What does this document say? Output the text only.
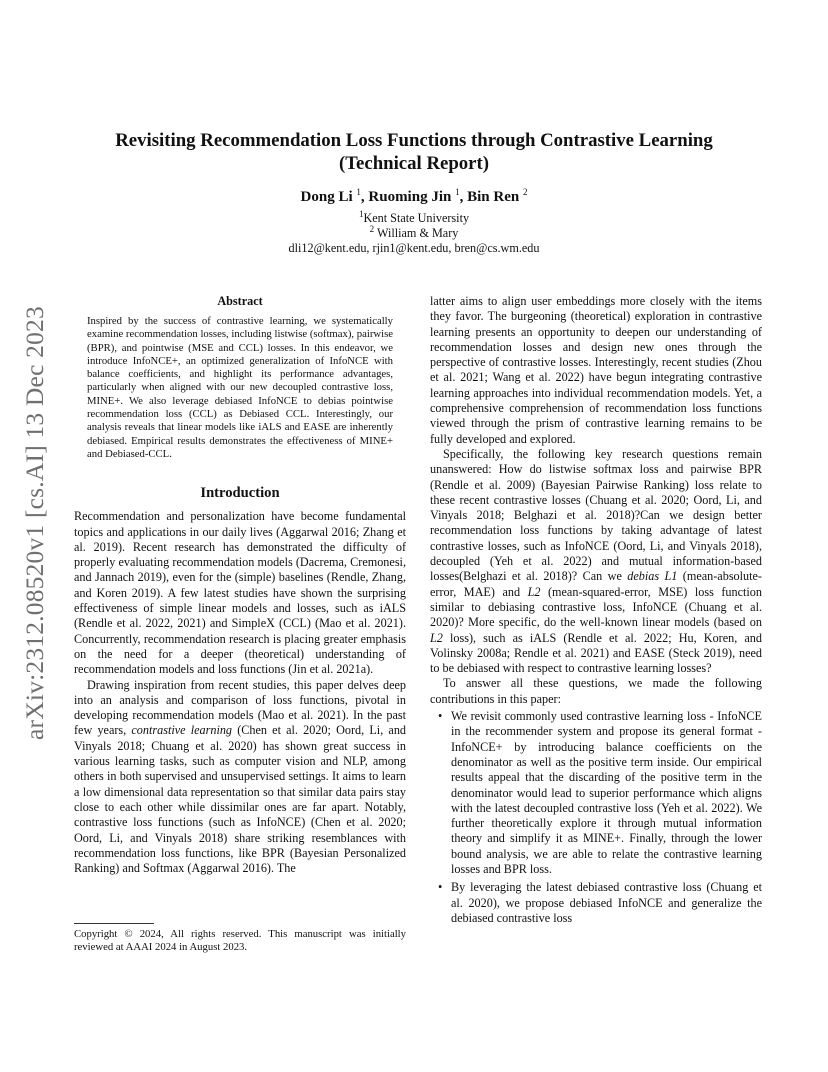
arXiv:2312.08520v1 [cs.AI] 13 Dec 2023
Revisiting Recommendation Loss Functions through Contrastive Learning
(Technical Report)
Dong Li $^1$, Ruoming Jin $^1$, Bin Ren $^2$
$^1$Kent State University
$^2$ William & Mary
dli12@kent.edu, rjin1@kent.edu, bren@cs.wm.edu
Abstract

Inspired by the success of contrastive learning, we systematically examine recommendation losses, including listwise (softmax), pairwise (BPR), and pointwise (MSE and CCL) losses. In this endeavor, we introduce InfoNCE+, an optimized generalization of InfoNCE with balance coefficients, and highlight its performance advantages, particularly when aligned with our new decoupled contrastive loss, MINE+. We also leverage debiased InfoNCE to debias pointwise recommendation loss (CCL) as Debiased CCL. Interestingly, our analysis reveals that linear models like iALS and EASE are inherently debiased. Empirical results demonstrates the effectiveness of MINE+ and Debiased-CCL.

Introduction

Recommendation and personalization have become fundamental topics and applications in our daily lives (Aggarwal 2016; Zhang et al. 2019). Recent research has demonstrated the difficulty of properly evaluating recommendation models (Dacrema, Cremonesi, and Jannach 2019), even for the (simple) baselines (Rendle, Zhang, and Koren 2019). A few latest studies have shown the surprising effectiveness of simple linear models and losses, such as iALS (Rendle et al. 2022, 2021) and SimpleX (CCL) (Mao et al. 2021). Concurrently, recommendation research is placing greater emphasis on the need for a deeper (theoretical) understanding of recommendation models and loss functions (Jin et al. 2021a).

Drawing inspiration from recent studies, this paper delves deep into an analysis and comparison of loss functions, pivotal in developing recommendation models (Mao et al. 2021). In the past few years, contrastive learning (Chen et al. 2020; Oord, Li, and Vinyals 2018; Chuang et al. 2020) has shown great success in various learning tasks, such as computer vision and NLP, among others in both supervised and unsupervised settings. It aims to learn a low dimensional data representation so that similar data pairs stay close to each other while dissimilar ones are far apart. Notably, contrastive loss functions (such as InfoNCE) (Chen et al. 2020; Oord, Li, and Vinyals 2018) share striking resemblances with recommendation loss functions, like BPR (Bayesian Personalized Ranking) and Softmax (Aggarwal 2016). The

latter aims to align user embeddings more closely with the items they favor. The burgeoning (theoretical) exploration in contrastive learning presents an opportunity to deepen our understanding of recommendation losses and design new ones through the perspective of contrastive losses. Interestingly, recent studies (Zhou et al. 2021; Wang et al. 2022) have begun integrating contrastive learning approaches into individual recommendation models. Yet, a comprehensive comprehension of recommendation loss functions viewed through the prism of contrastive learning remains to be fully developed and explored.

Specifically, the following key research questions remain unanswered: How do listwise softmax loss and pairwise BPR (Rendle et al. 2009) (Bayesian Pairwise Ranking) loss relate to these recent contrastive losses (Chuang et al. 2020; Oord, Li, and Vinyals 2018; Belghazi et al. 2018)?Can we design better recommendation loss functions by taking advantage of latest contrastive losses, such as InfoNCE (Oord, Li, and Vinyals 2018), decoupled (Yeh et al. 2022) and mutual information-based losses(Belghazi et al. 2018)? Can we debias L1 (mean-absolute-error, MAE) and L2 (mean-squared-error, MSE) loss function similar to debiasing contrastive loss, InfoNCE (Chuang et al. 2020)? More specific, do the well-known linear models (based on L2 loss), such as iALS (Rendle et al. 2022; Hu, Koren, and Volinsky 2008a; Rendle et al. 2021) and EASE (Steck 2019), need to be debiased with respect to contrastive learning losses?

To answer all these questions, we made the following contributions in this paper:

• We revisit commonly used contrastive learning loss - InfoNCE in the recommender system and propose its general format - InfoNCE+ by introducing balance coefficients on the denominator as well as the positive term inside. Our empirical results appeal that the discarding of the positive term in the denominator would lead to superior performance which aligns with the latest decoupled contrastive loss (Yeh et al. 2022). We further theoretically explore it through mutual information theory and simplify it as MINE+. Finally, through the lower bound analysis, we are able to relate the contrastive learning losses and BPR loss.
• By leveraging the latest debiased contrastive loss (Chuang et al. 2020), we propose debiased InfoNCE and generalize the debiased contrastive loss
Copyright © 2024, All rights reserved. This manuscript was initially reviewed at AAAI 2024 in August 2023.
